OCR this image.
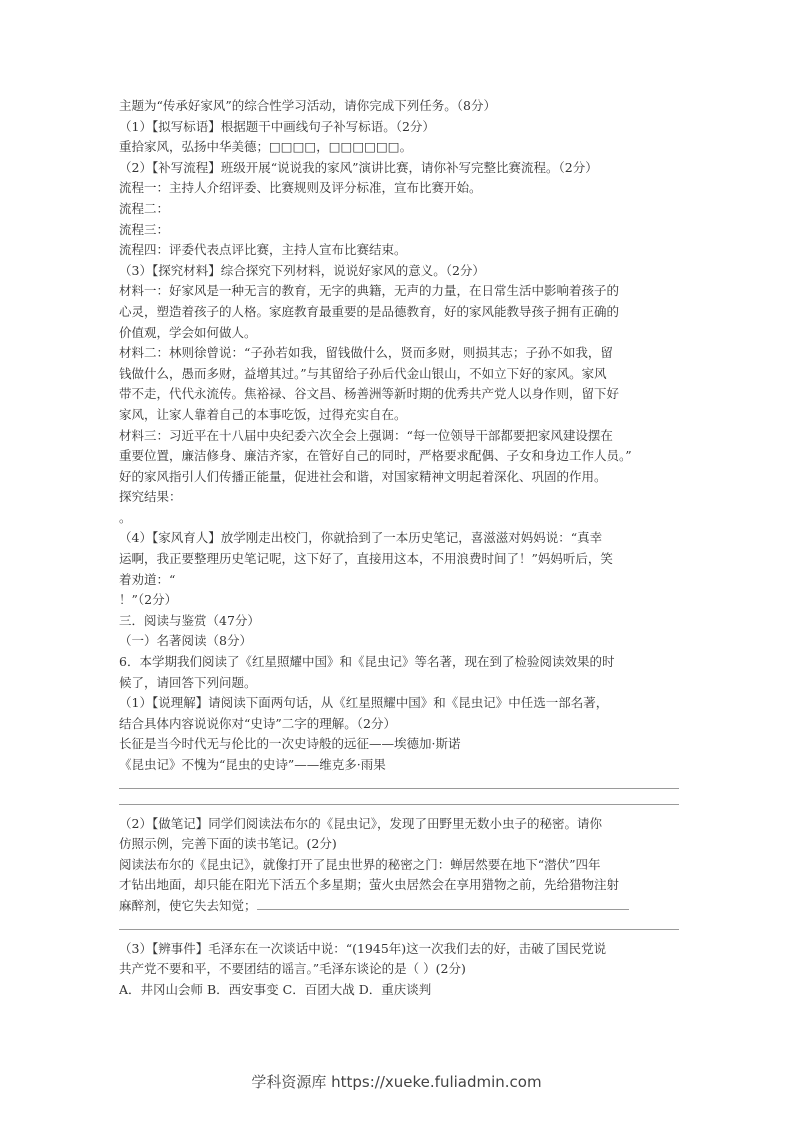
主题为“传承好家风”的综合性学习活动，请你完成下列任务。（8分）
（1）【拟写标语】根据题干中画线句子补写标语。（2分）
重拾家风，弘扬中华美德；□□□□，□□□□□□。
（2）【补写流程】班级开展“说说我的家风”演讲比赛，请你补写完整比赛流程。（2分）
流程一：主持人介绍评委、比赛规则及评分标准，宣布比赛开始。
流程二：
流程三：
流程四：评委代表点评比赛，主持人宣布比赛结束。
（3）【探究材料】综合探究下列材料，说说好家风的意义。（2分）
材料一：好家风是一种无言的教育，无字的典籍，无声的力量，在日常生活中影响着孩子的
心灵，塑造着孩子的人格。家庭教育最重要的是品德教育，好的家风能教导孩子拥有正确的
价值观，学会如何做人。
材料二：林则徐曾说：“子孙若如我，留钱做什么，贤而多财，则损其志；子孙不如我，留
钱做什么，愚而多财，益增其过。”与其留给子孙后代金山银山，不如立下好的家风。家风
带不走，代代永流传。焦裕禄、谷文昌、杨善洲等新时期的优秀共产党人以身作则，留下好
家风，让家人靠着自己的本事吃饭，过得充实自在。
材料三：习近平在十八届中央纪委六次全会上强调：“每一位领导干部都要把家风建设摆在
重要位置，廉洁修身、廉洁齐家，在管好自己的同时，严格要求配偶、子女和身边工作人员。”
好的家风指引人们传播正能量，促进社会和谐，对国家精神文明起着深化、巩固的作用。
探究结果：
。
（4）【家风育人】放学刚走出校门，你就拾到了一本历史笔记，喜滋滋对妈妈说：“真幸
运啊，我正要整理历史笔记呢，这下好了，直接用这本，不用浪费时间了！”妈妈听后，笑
着劝道：“
！”（2分）
三．阅读与鉴赏（47分）
（一）名著阅读（8分）
6．本学期我们阅读了《红星照耀中国》和《昆虫记》等名著，现在到了检验阅读效果的时
候了，请回答下列问题。
（1）【说理解】请阅读下面两句话，从《红星照耀中国》和《昆虫记》中任选一部名著，
结合具体内容说说你对“史诗”二字的理解。（2分）
长征是当今时代无与伦比的一次史诗般的远征——埃德加·斯诺
《昆虫记》不愧为“昆虫的史诗”——维克多·雨果
（2）【做笔记】同学们阅读法布尔的《昆虫记》，发现了田野里无数小虫子的秘密。请你
仿照示例，完善下面的读书笔记。(2分)
阅读法布尔的《昆虫记》，就像打开了昆虫世界的秘密之门：蝉居然要在地下“潜伏”四年
才钻出地面，却只能在阳光下活五个多星期；萤火虫居然会在享用猎物之前，先给猎物注射
麻醉剂，使它失去知觉；
（3）【辨事件】毛泽东在一次谈话中说：“(1945年)这一次我们去的好，击破了国民党说
共产党不要和平，不要团结的谣言。”毛泽东谈论的是（ ）(2分)
A．井冈山会师 B．西安事变 C．百团大战 D．重庆谈判
学科资源库 https://xueke.fuliadmin.com
